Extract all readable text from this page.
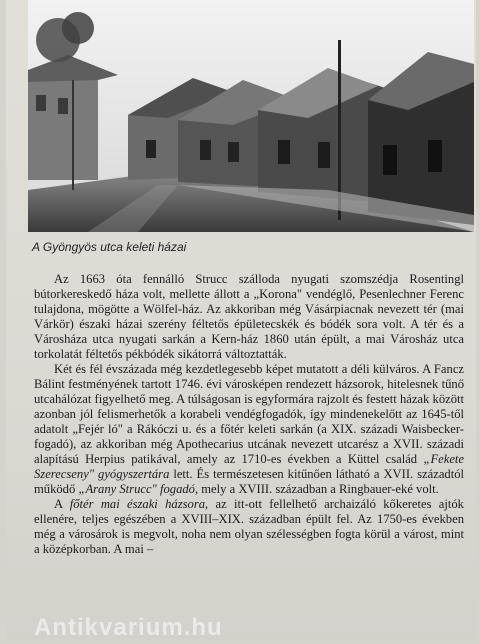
A Gyöngyös utca keleti házai

Az 1663 óta fennálló Strucc szálloda nyugati szomszédja Rosentingl bútorkereskedő háza volt, mellette állott a „Korona" vendéglő, Pesenlechner Ferenc tulajdona, mögötte a Wölfel-ház. Az akkoriban még Vásárpiacnak nevezett tér (mai Várkör) északi házai szerény féltetős épületecskék és bódék sora volt. A tér és a Városháza utca nyugati sarkán a Kern-ház 1860 után épült, a mai Városház utca torkolatát féltetős pékbódék sikátorrá változtatták.

Két és fél évszázada még kezdetlegesebb képet mutatott a déli külváros. A Fancz Bálint festményének tartott 1746. évi városképen rendezett házsorok, hitelesnek tűnő utcahálózat figyelhető meg. A túlságosan is egyformára rajzolt és festett házak között azonban jól felismerhetők a korabeli vendégfogadók, így mindenekelőtt az 1645-től adatolt „Fejér ló" a Rákóczi u. és a főtér keleti sarkán (a XIX. századi Waisbecker-fogadó), az akkoriban még Apothecarius utcának nevezett utcarész a XVII. századi alapítású Herpius patikával, amely az 1710-es években a Küttel család „Fekete Szerecseny" gyógyszertára lett. És természetesen kitűnően látható a XVII. századtól működő „Arany Strucc" fogadó, mely a XVIII. században a Ringbauer-eké volt.

A főtér mai északi házsora, az itt-ott fellelhető archaizáló kőkeretes ajtók ellenére, teljes egészében a XVIII–XIX. században épült fel. Az 1750-es években még a városárok is megvolt, noha nem olyan szélességben fogta körül a várost, mint a középkorban. A mai –

Antikvarium.hu
